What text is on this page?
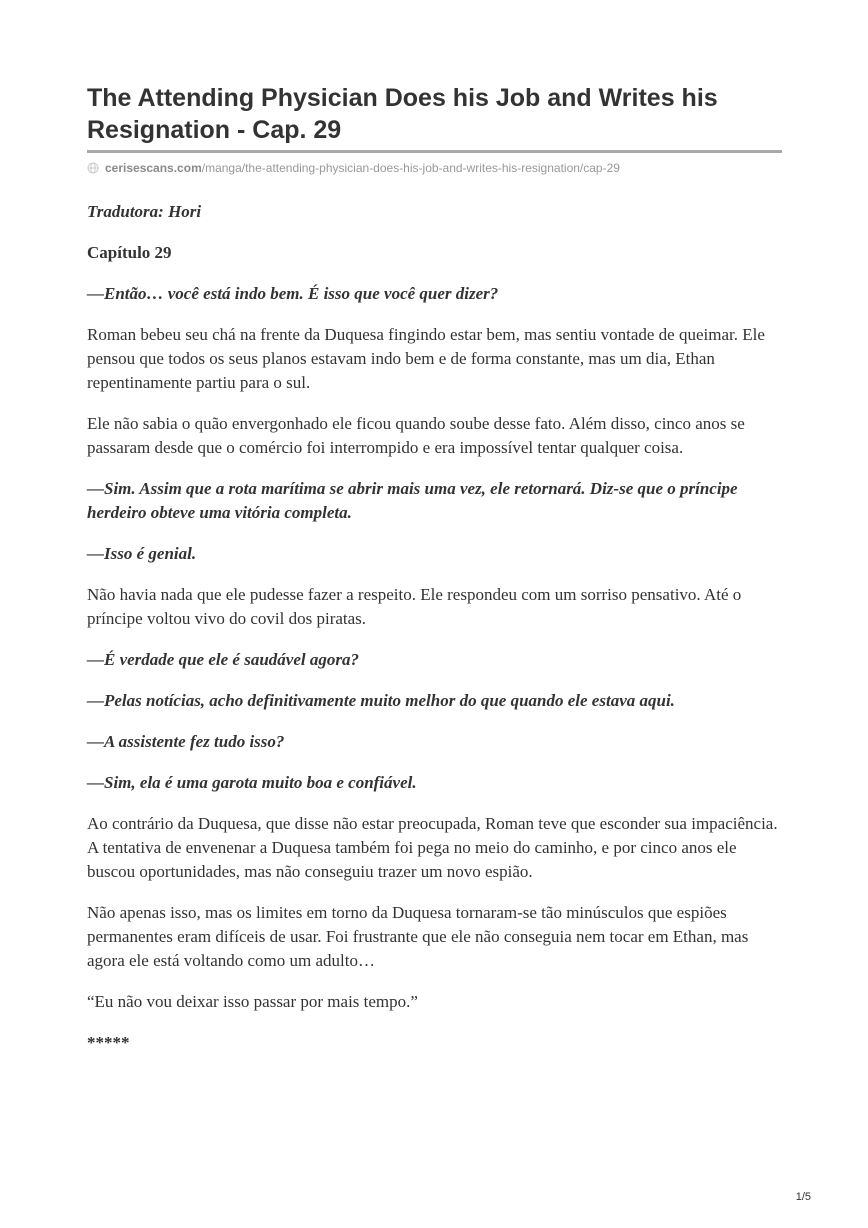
The Attending Physician Does his Job and Writes his Resignation - Cap. 29
cerisescans.com /manga/the-attending-physician-does-his-job-and-writes-his-resignation/cap-29

Tradutora: Hori

Capítulo 29

—Então… você está indo bem. É isso que você quer dizer?

Roman bebeu seu chá na frente da Duquesa fingindo estar bem, mas sentiu vontade de queimar. Ele pensou que todos os seus planos estavam indo bem e de forma constante, mas um dia, Ethan repentinamente partiu para o sul.

Ele não sabia o quão envergonhado ele ficou quando soube desse fato. Além disso, cinco anos se passaram desde que o comércio foi interrompido e era impossível tentar qualquer coisa.

—Sim. Assim que a rota marítima se abrir mais uma vez, ele retornará. Diz-se que o príncipe herdeiro obteve uma vitória completa.

—Isso é genial.

Não havia nada que ele pudesse fazer a respeito. Ele respondeu com um sorriso pensativo. Até o príncipe voltou vivo do covil dos piratas.

—É verdade que ele é saudável agora?

—Pelas notícias, acho definitivamente muito melhor do que quando ele estava aqui.

—A assistente fez tudo isso?

—Sim, ela é uma garota muito boa e confiável.

Ao contrário da Duquesa, que disse não estar preocupada, Roman teve que esconder sua impaciência. A tentativa de envenenar a Duquesa também foi pega no meio do caminho, e por cinco anos ele buscou oportunidades, mas não conseguiu trazer um novo espião.

Não apenas isso, mas os limites em torno da Duquesa tornaram-se tão minúsculos que espiões permanentes eram difíceis de usar. Foi frustrante que ele não conseguia nem tocar em Ethan, mas agora ele está voltando como um adulto…

“Eu não vou deixar isso passar por mais tempo.”

*****

1/5
